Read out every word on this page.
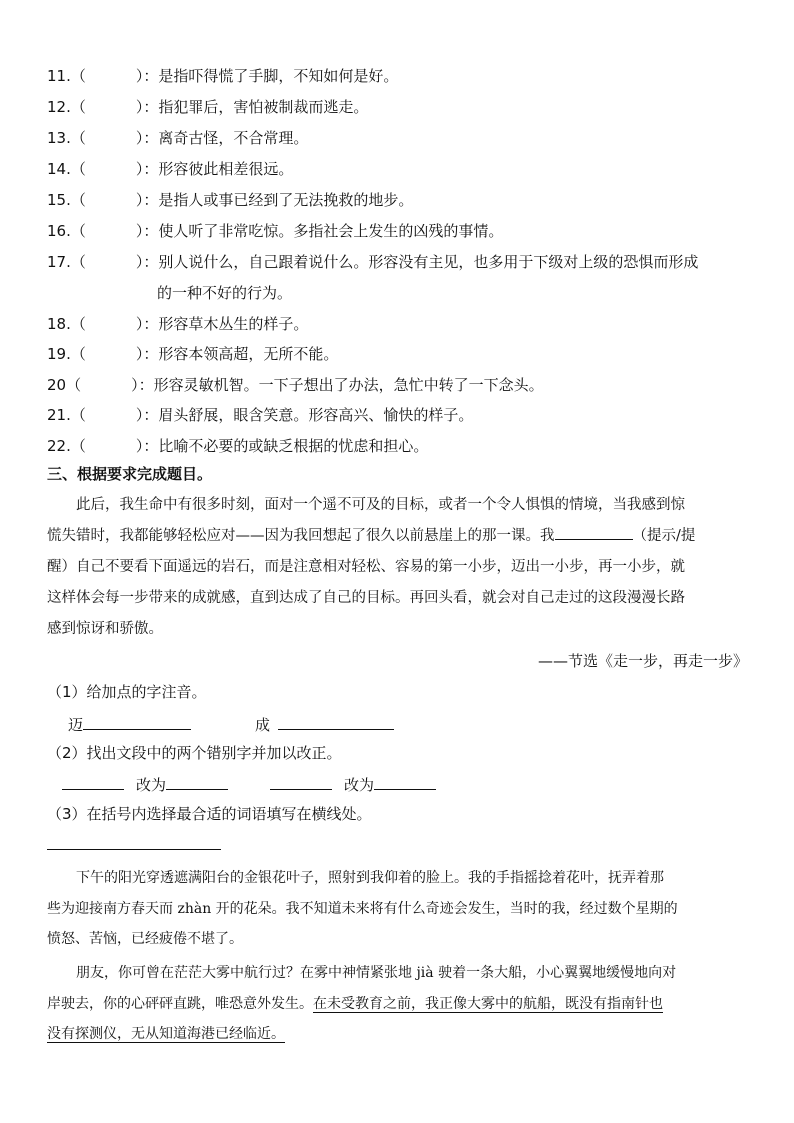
11.（	）：是指吓得慌了手脚，不知如何是好。
12.（	）：指犯罪后，害怕被制裁而逃走。
13.（	）：离奇古怪，不合常理。
14.（	）：形容彼此相差很远。
15.（	）：是指人或事已经到了无法挽救的地步。
16.（	）：使人听了非常吃惊。多指社会上发生的凶残的事情。
17.（	）：别人说什么，自己跟着说什么。形容没有主见，也多用于下级对上级的恐惧而形成
的一种不好的行为。
18.（	）：形容草木丛生的样子。
19.（	）：形容本领高超，无所不能。
20（	）：形容灵敏机智。一下子想出了办法，急忙中转了一下念头。
21.（	）：眉头舒展，眼含笑意。形容高兴、愉快的样子。
22.（	）：比喻不必要的或缺乏根据的忧虑和担心。
三、根据要求完成题目。
此后，我生命中有很多时刻，面对一个遥不可及的目标，或者一个令人惧惧的情境，当我感到惊
慌失错时，我都能够轻松应对——因为我回想起了很久以前悬崖上的那一课。我	（提示/提
醒）自己不要看下面遥远的岩石，而是注意相对轻松、容易的第一小步，迈出一小步，再一小步，就
这样体会每一步带来的成就感，直到达成了自己的目标。再回头看，就会对自己走过的这段漫漫长路
感到惊讶和骄傲。
——节选《走一步，再走一步》
（1）给加点的字注音。
迈	成
（2）找出文段中的两个错别字并加以改正。
改为	改为
（3）在括号内选择最合适的词语填写在横线处。
下午的阳光穿透遮满阳台的金银花叶子，照射到我仰着的脸上。我的手指摇捻着花叶，抚弄着那
些为迎接南方春天而 zhàn 开的花朵。我不知道未来将有什么奇迹会发生，当时的我，经过数个星期的
愤怒、苦恼，已经疲倦不堪了。
朋友，你可曾在茫茫大雾中航行过？在雾中神情紧张地 jià 驶着一条大船，小心翼翼地缓慢地向对
岸驶去，你的心砰砰直跳，唯恐意外发生。在未受教育之前，我正像大雾中的航船，既没有指南针也
没有探测仪，无从知道海港已经临近。
